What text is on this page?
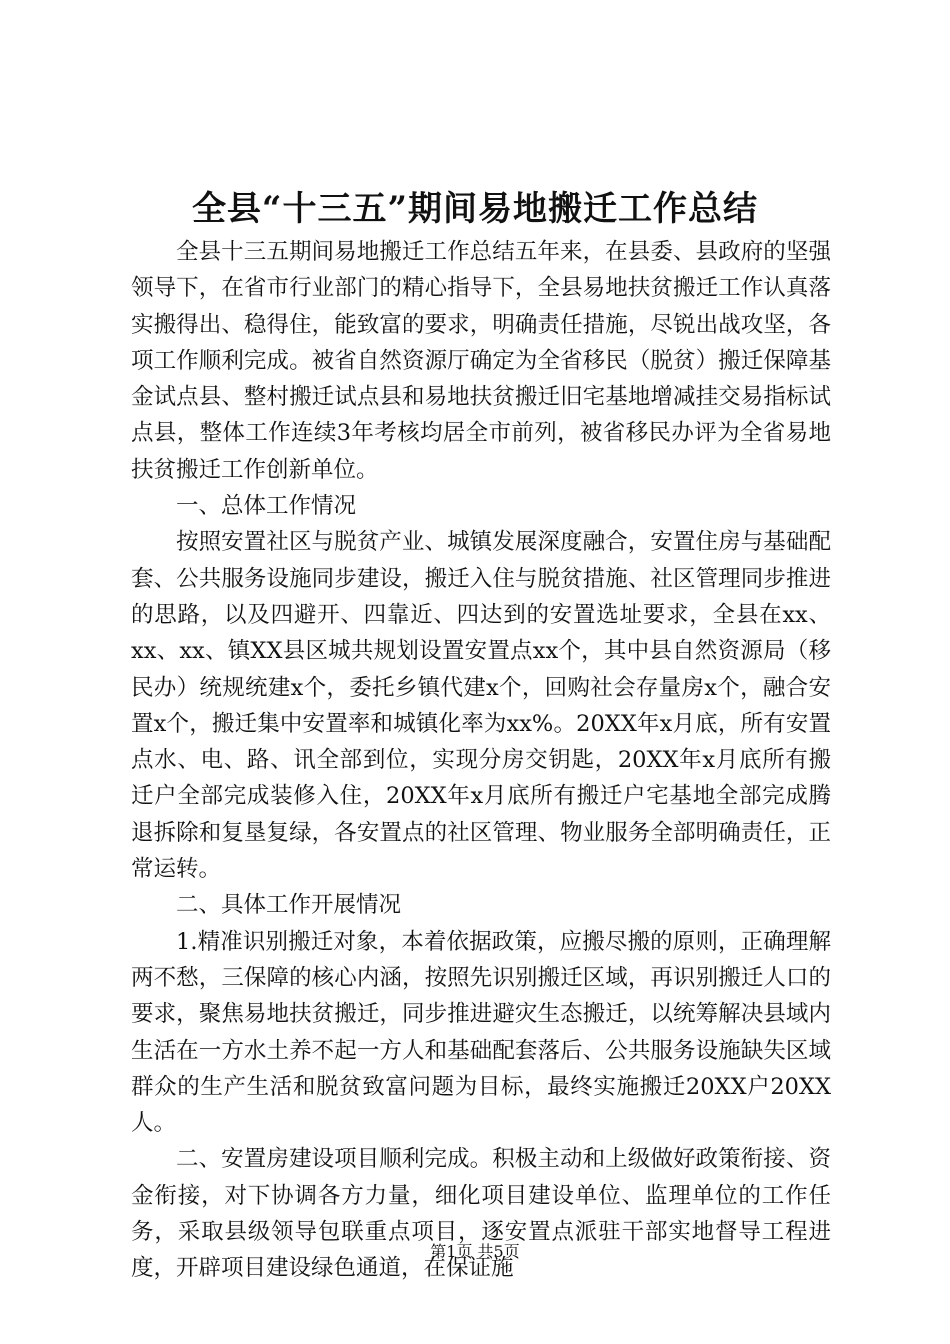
全县“十三五”期间易地搬迁工作总结

全县十三五期间易地搬迁工作总结五年来，在县委、县政府的坚强领导下，在省市行业部门的精心指导下，全县易地扶贫搬迁工作认真落实搬得出、稳得住，能致富的要求，明确责任措施，尽锐出战攻坚，各项工作顺利完成。被省自然资源厅确定为全省移民（脱贫）搬迁保障基金试点县、整村搬迁试点县和易地扶贫搬迁旧宅基地增减挂交易指标试点县，整体工作连续3年考核均居全市前列，被省移民办评为全省易地扶贫搬迁工作创新单位。

一、总体工作情况

按照安置社区与脱贫产业、城镇发展深度融合，安置住房与基础配套、公共服务设施同步建设，搬迁入住与脱贫措施、社区管理同步推进的思路，以及四避开、四靠近、四达到的安置选址要求，全县在xx、xx、xx、镇XX县区城共规划设置安置点xx个，其中县自然资源局（移民办）统规统建x个，委托乡镇代建x个，回购社会存量房x个，融合安置x个，搬迁集中安置率和城镇化率为xx%。20XX年x月底，所有安置点水、电、路、讯全部到位，实现分房交钥匙，20XX年x月底所有搬迁户全部完成装修入住，20XX年x月底所有搬迁户宅基地全部完成腾退拆除和复垦复绿，各安置点的社区管理、物业服务全部明确责任，正常运转。

二、具体工作开展情况

1.精准识别搬迁对象，本着依据政策，应搬尽搬的原则，正确理解两不愁，三保障的核心内涵，按照先识别搬迁区域，再识别搬迁人口的要求，聚焦易地扶贫搬迁，同步推进避灾生态搬迁，以统筹解决县域内生活在一方水土养不起一方人和基础配套落后、公共服务设施缺失区域群众的生产生活和脱贫致富问题为目标，最终实施搬迁20XX户20XX人。

二、安置房建设项目顺利完成。积极主动和上级做好政策衔接、资金衔接，对下协调各方力量，细化项目建设单位、监理单位的工作任务，采取县级领导包联重点项目，逐安置点派驻干部实地督导工程进度，开辟项目建设绿色通道，在保证施

第1页 共5页
